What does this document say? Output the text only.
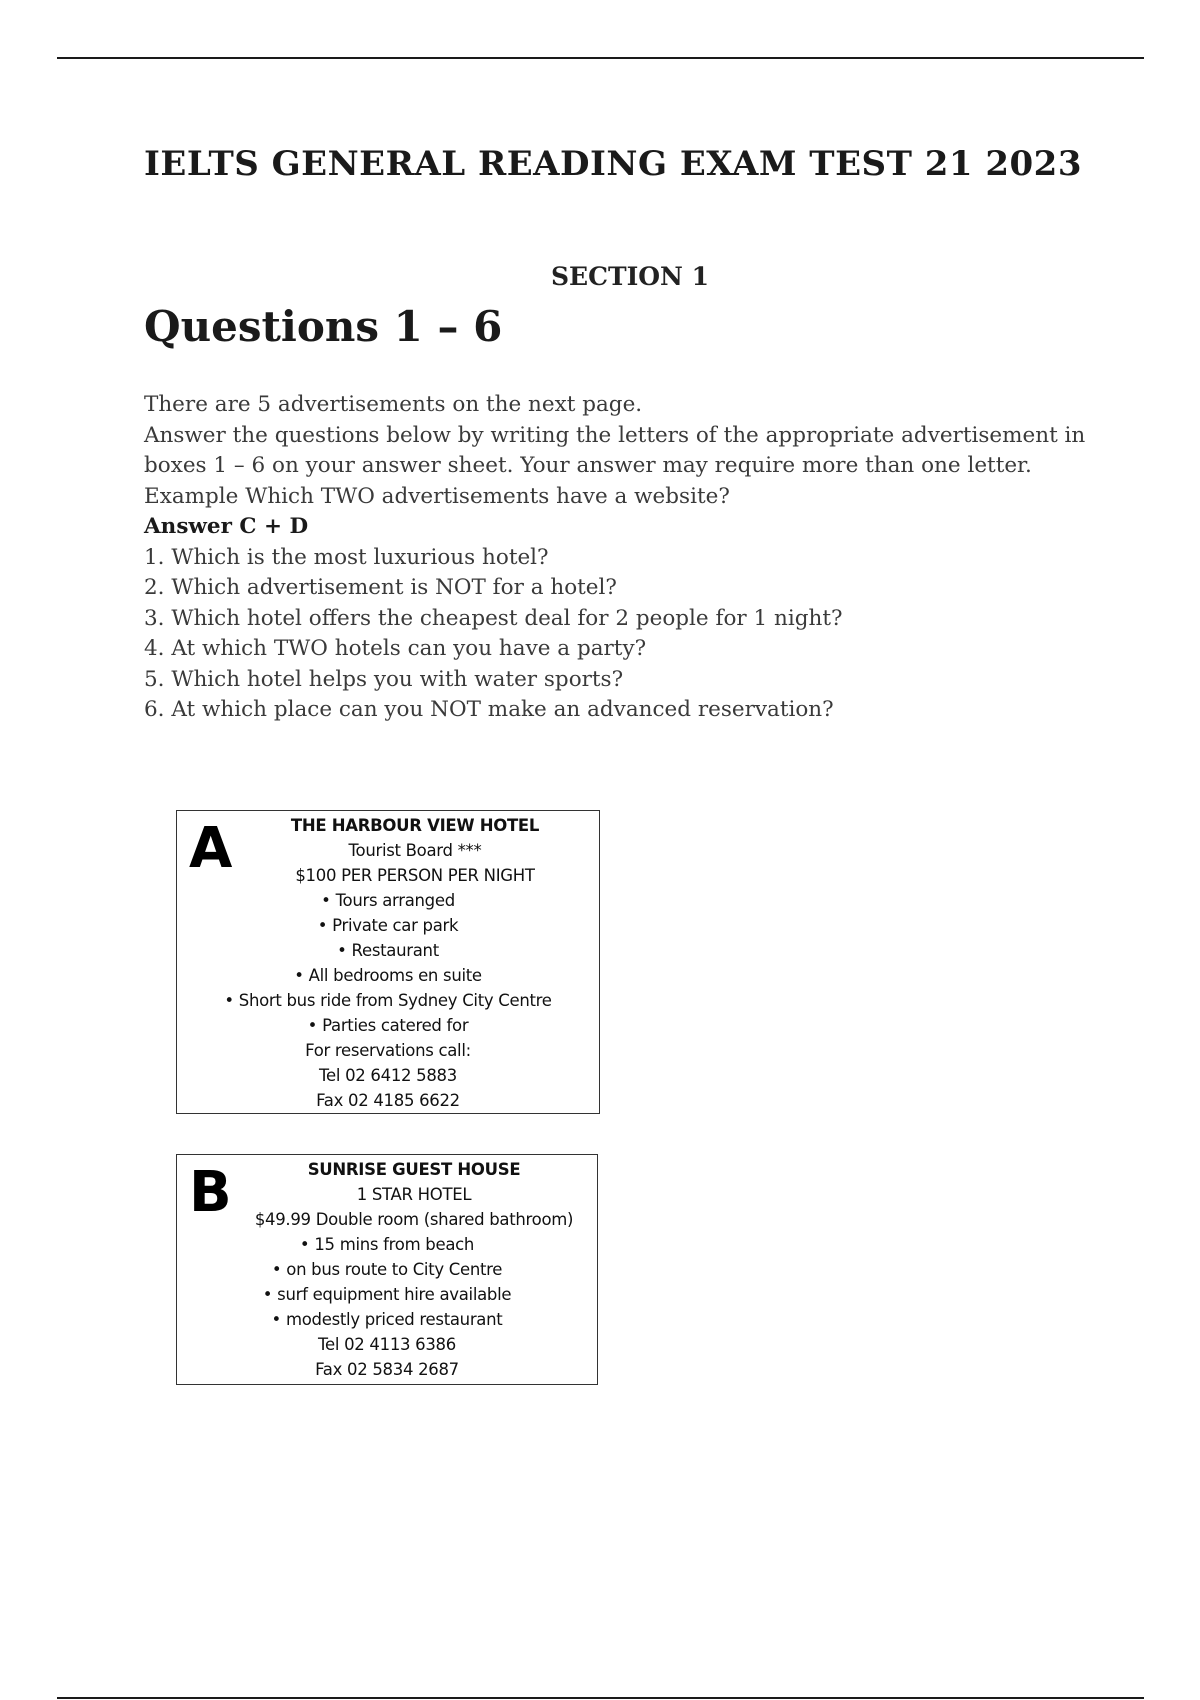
IELTS GENERAL READING EXAM TEST 21 2023
SECTION 1
Questions 1 – 6

There are 5 advertisements on the next page.

Answer the questions below by writing the letters of the appropriate advertisement in boxes 1 – 6 on your answer sheet. Your answer may require more than one letter.

Example Which TWO advertisements have a website?

Answer C + D

1. Which is the most luxurious hotel?
2. Which advertisement is NOT for a hotel?
3. Which hotel offers the cheapest deal for 2 people for 1 night?
4. At which TWO hotels can you have a party?
5. Which hotel helps you with water sports?
6. At which place can you NOT make an advanced reservation?
A	THE HARBOUR VIEW HOTEL
Tourist Board ***
$100 PER PERSON PER NIGHT
• Tours arranged
• Private car park
• Restaurant
• All bedrooms en suite
• Short bus ride from Sydney City Centre
• Parties catered for
For reservations call:
Tel 02 6412 5883
Fax 02 4185 6622
B	SUNRISE GUEST HOUSE
1 STAR HOTEL
$49.99 Double room (shared bathroom)
• 15 mins from beach
• on bus route to City Centre
• surf equipment hire available
• modestly priced restaurant
Tel 02 4113 6386
Fax 02 5834 2687
